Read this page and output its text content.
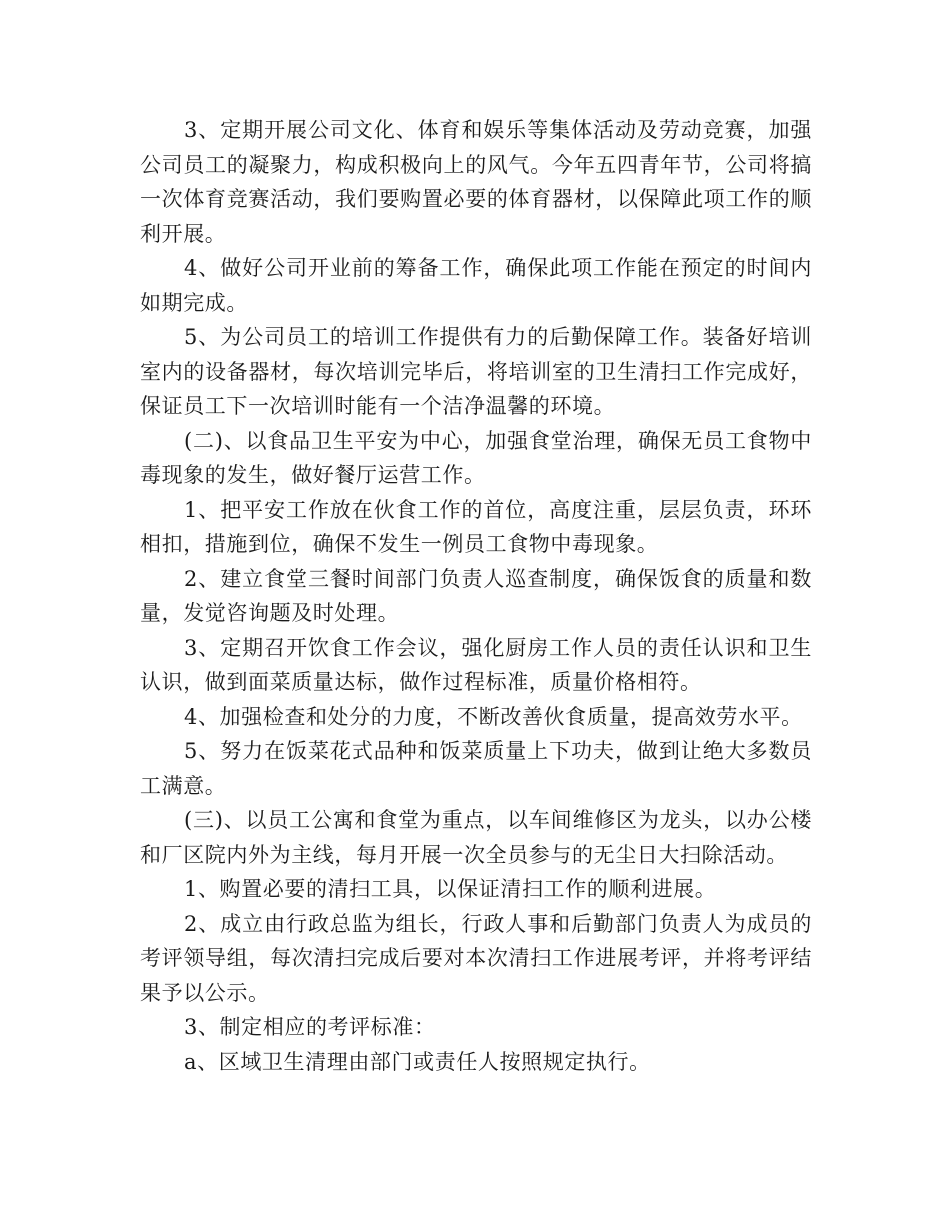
3、定期开展公司文化、体育和娱乐等集体活动及劳动竞赛，加强公司员工的凝聚力，构成积极向上的风气。今年五四青年节，公司将搞一次体育竞赛活动，我们要购置必要的体育器材，以保障此项工作的顺利开展。

4、做好公司开业前的筹备工作，确保此项工作能在预定的时间内如期完成。

5、为公司员工的培训工作提供有力的后勤保障工作。装备好培训室内的设备器材，每次培训完毕后，将培训室的卫生清扫工作完成好，保证员工下一次培训时能有一个洁净温馨的环境。

(二)、以食品卫生平安为中心，加强食堂治理，确保无员工食物中毒现象的发生，做好餐厅运营工作。

1、把平安工作放在伙食工作的首位，高度注重，层层负责，环环相扣，措施到位，确保不发生一例员工食物中毒现象。

2、建立食堂三餐时间部门负责人巡查制度，确保饭食的质量和数量，发觉咨询题及时处理。

3、定期召开饮食工作会议，强化厨房工作人员的责任认识和卫生认识，做到面菜质量达标，做作过程标准，质量价格相符。

4、加强检查和处分的力度，不断改善伙食质量，提高效劳水平。

5、努力在饭菜花式品种和饭菜质量上下功夫，做到让绝大多数员工满意。

(三)、以员工公寓和食堂为重点，以车间维修区为龙头，以办公楼和厂区院内外为主线，每月开展一次全员参与的无尘日大扫除活动。

1、购置必要的清扫工具，以保证清扫工作的顺利进展。

2、成立由行政总监为组长，行政人事和后勤部门负责人为成员的考评领导组，每次清扫完成后要对本次清扫工作进展考评，并将考评结果予以公示。

3、制定相应的考评标准：

a、区域卫生清理由部门或责任人按照规定执行。
